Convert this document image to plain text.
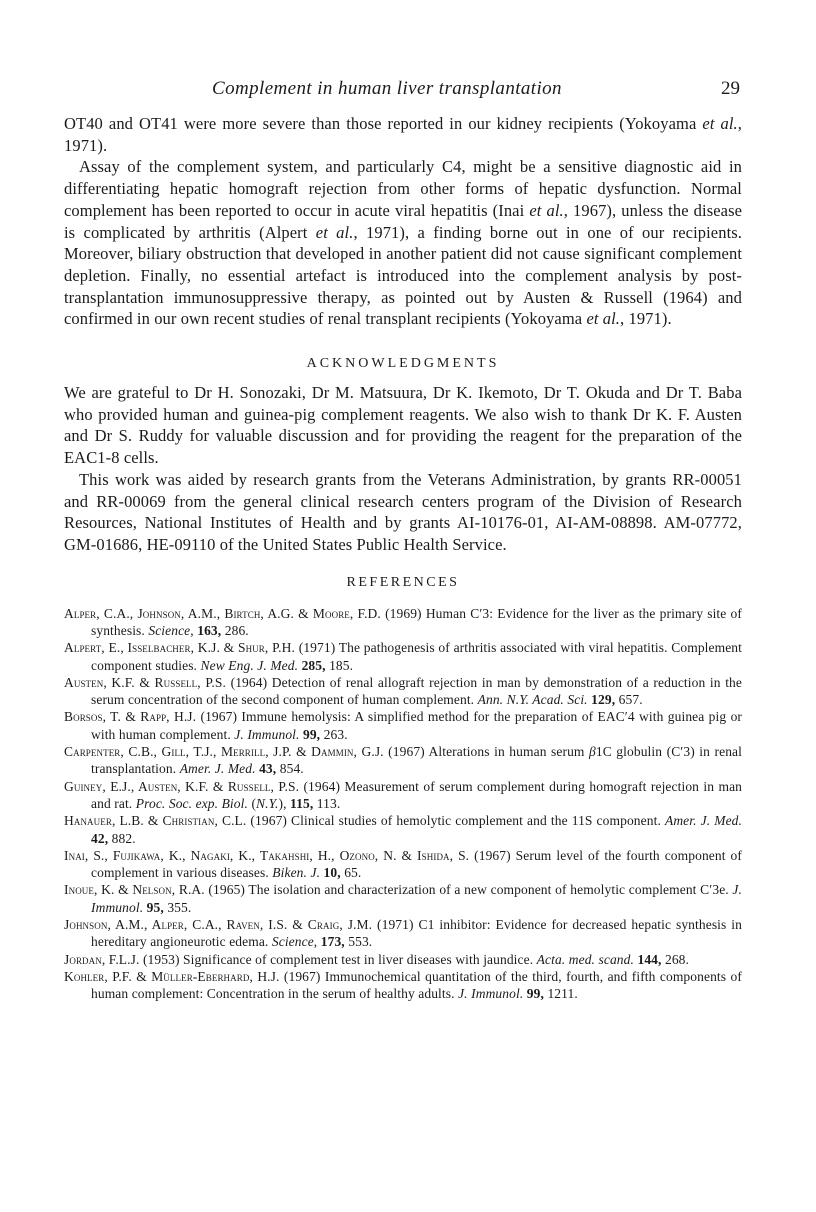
Complement in human liver transplantation	29

OT40 and OT41 were more severe than those reported in our kidney recipients (Yokoyama et al., 1971).

Assay of the complement system, and particularly C4, might be a sensitive diagnostic aid in differentiating hepatic homograft rejection from other forms of hepatic dysfunction. Normal complement has been reported to occur in acute viral hepatitis (Inai et al., 1967), unless the disease is complicated by arthritis (Alpert et al., 1971), a finding borne out in one of our recipients. Moreover, biliary obstruction that developed in another patient did not cause significant complement depletion. Finally, no essential artefact is introduced into the complement analysis by post-transplantation immunosuppressive therapy, as pointed out by Austen & Russell (1964) and confirmed in our own recent studies of renal transplant recipients (Yokoyama et al., 1971).

ACKNOWLEDGMENTS

We are grateful to Dr H. Sonozaki, Dr M. Matsuura, Dr K. Ikemoto, Dr T. Okuda and Dr T. Baba who provided human and guinea-pig complement reagents. We also wish to thank Dr K. F. Austen and Dr S. Ruddy for valuable discussion and for providing the reagent for the preparation of the EAC1-8 cells.

This work was aided by research grants from the Veterans Administration, by grants RR-00051 and RR-00069 from the general clinical research centers program of the Division of Research Resources, National Institutes of Health and by grants AI-10176-01, AI-AM-08898. AM-07772, GM-01686, HE-09110 of the United States Public Health Service.

REFERENCES
Alper, C.A., Johnson, A.M., Birtch, A.G. & Moore, F.D. (1969) Human C′3: Evidence for the liver as the primary site of synthesis. Science, 163, 286.
Alpert, E., Isselbacher, K.J. & Shur, P.H. (1971) The pathogenesis of arthritis associated with viral hepatitis. Complement component studies. New Eng. J. Med. 285, 185.
Austen, K.F. & Russell, P.S. (1964) Detection of renal allograft rejection in man by demonstration of a reduction in the serum concentration of the second component of human complement. Ann. N.Y. Acad. Sci. 129, 657.
Borsos, T. & Rapp, H.J. (1967) Immune hemolysis: A simplified method for the preparation of EAC′4 with guinea pig or with human complement. J. Immunol. 99, 263.
Carpenter, C.B., Gill, T.J., Merrill, J.P. & Dammin, G.J. (1967) Alterations in human serum β1C globulin (C′3) in renal transplantation. Amer. J. Med. 43, 854.
Guiney, E.J., Austen, K.F. & Russell, P.S. (1964) Measurement of serum complement during homograft rejection in man and rat. Proc. Soc. exp. Biol. (N.Y.), 115, 113.
Hanauer, L.B. & Christian, C.L. (1967) Clinical studies of hemolytic complement and the 11S component. Amer. J. Med. 42, 882.
Inai, S., Fujikawa, K., Nagaki, K., Takahshi, H., Ozono, N. & Ishida, S. (1967) Serum level of the fourth component of complement in various diseases. Biken. J. 10, 65.
Inoue, K. & Nelson, R.A. (1965) The isolation and characterization of a new component of hemolytic complement C′3e. J. Immunol. 95, 355.
Johnson, A.M., Alper, C.A., Raven, I.S. & Craig, J.M. (1971) C1 inhibitor: Evidence for decreased hepatic synthesis in hereditary angioneurotic edema. Science, 173, 553.
Jordan, F.L.J. (1953) Significance of complement test in liver diseases with jaundice. Acta. med. scand. 144, 268.
Kohler, P.F. & Müller-Eberhard, H.J. (1967) Immunochemical quantitation of the third, fourth, and fifth components of human complement: Concentration in the serum of healthy adults. J. Immunol. 99, 1211.
